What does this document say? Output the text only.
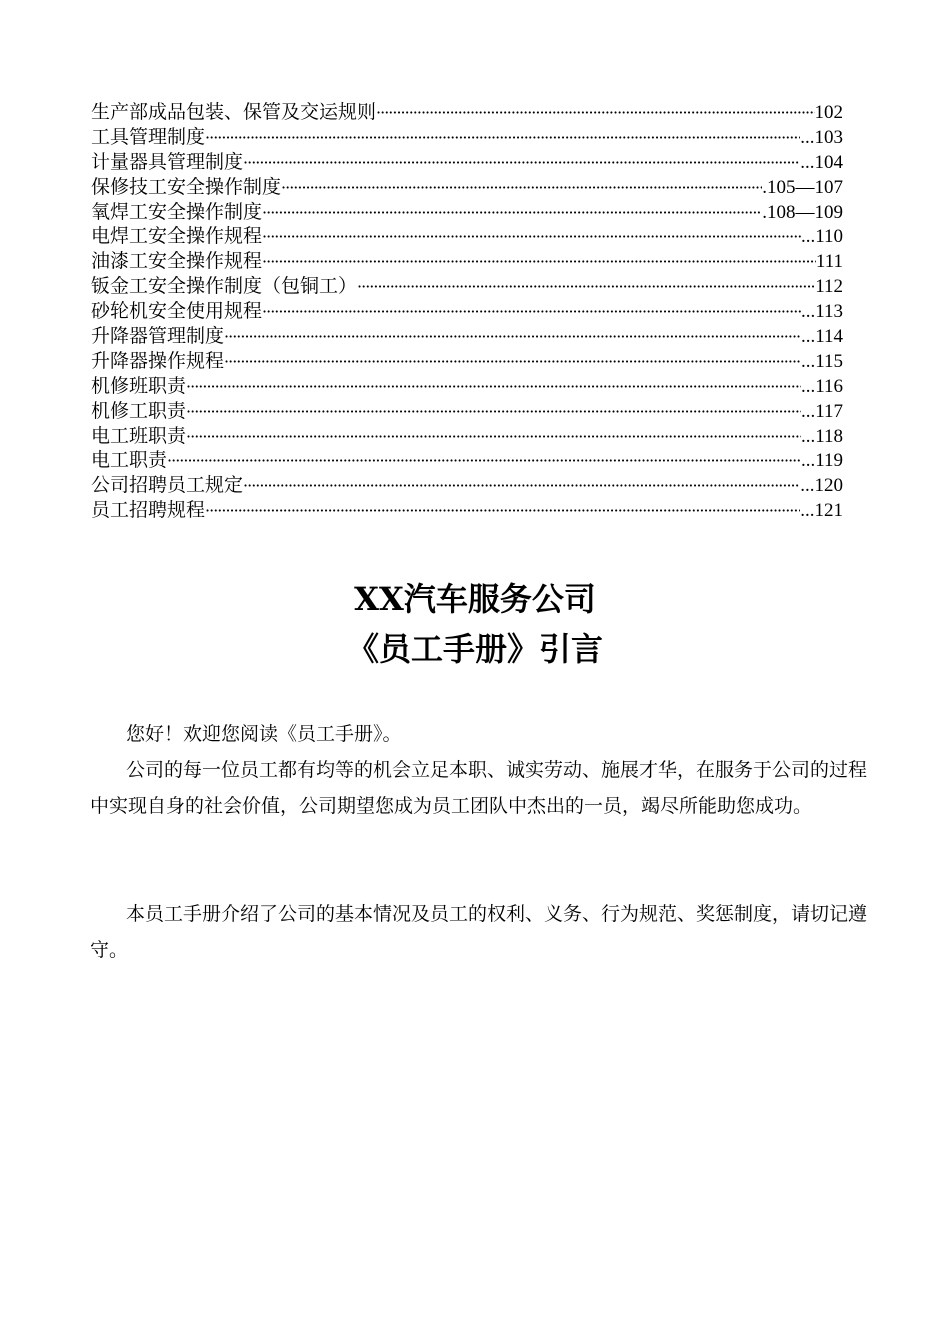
生产部成品包装、保管及交运规则 ·····	102
工具管理制度 ·····	...103
计量器具管理制度 ·····	...104
保修技工安全操作制度 ·····	.105—107
氧焊工安全操作制度 ·····	.108—109
电焊工安全操作规程 ·····	...110
油漆工安全操作规程 ·····	111
钣金工安全操作制度（包铜工） ·····	112
砂轮机安全使用规程 ·····	...113
升降器管理制度 ·····	...114
升降器操作规程 ·····	...115
机修班职责 ·····	...116
机修工职责 ·····	...117
电工班职责 ·····	...118
电工职责 ·····	...119
公司招聘员工规定 ·····	...120
员工招聘规程 ·····	...121
XX汽车服务公司
《员工手册》引言

您好！欢迎您阅读《员工手册》。

公司的每一位员工都有均等的机会立足本职、诚实劳动、施展才华，在服务于公司的过程中实现自身的社会价值，公司期望您成为员工团队中杰出的一员，竭尽所能助您成功。

本员工手册介绍了公司的基本情况及员工的权利、义务、行为规范、奖惩制度，请切记遵守。
